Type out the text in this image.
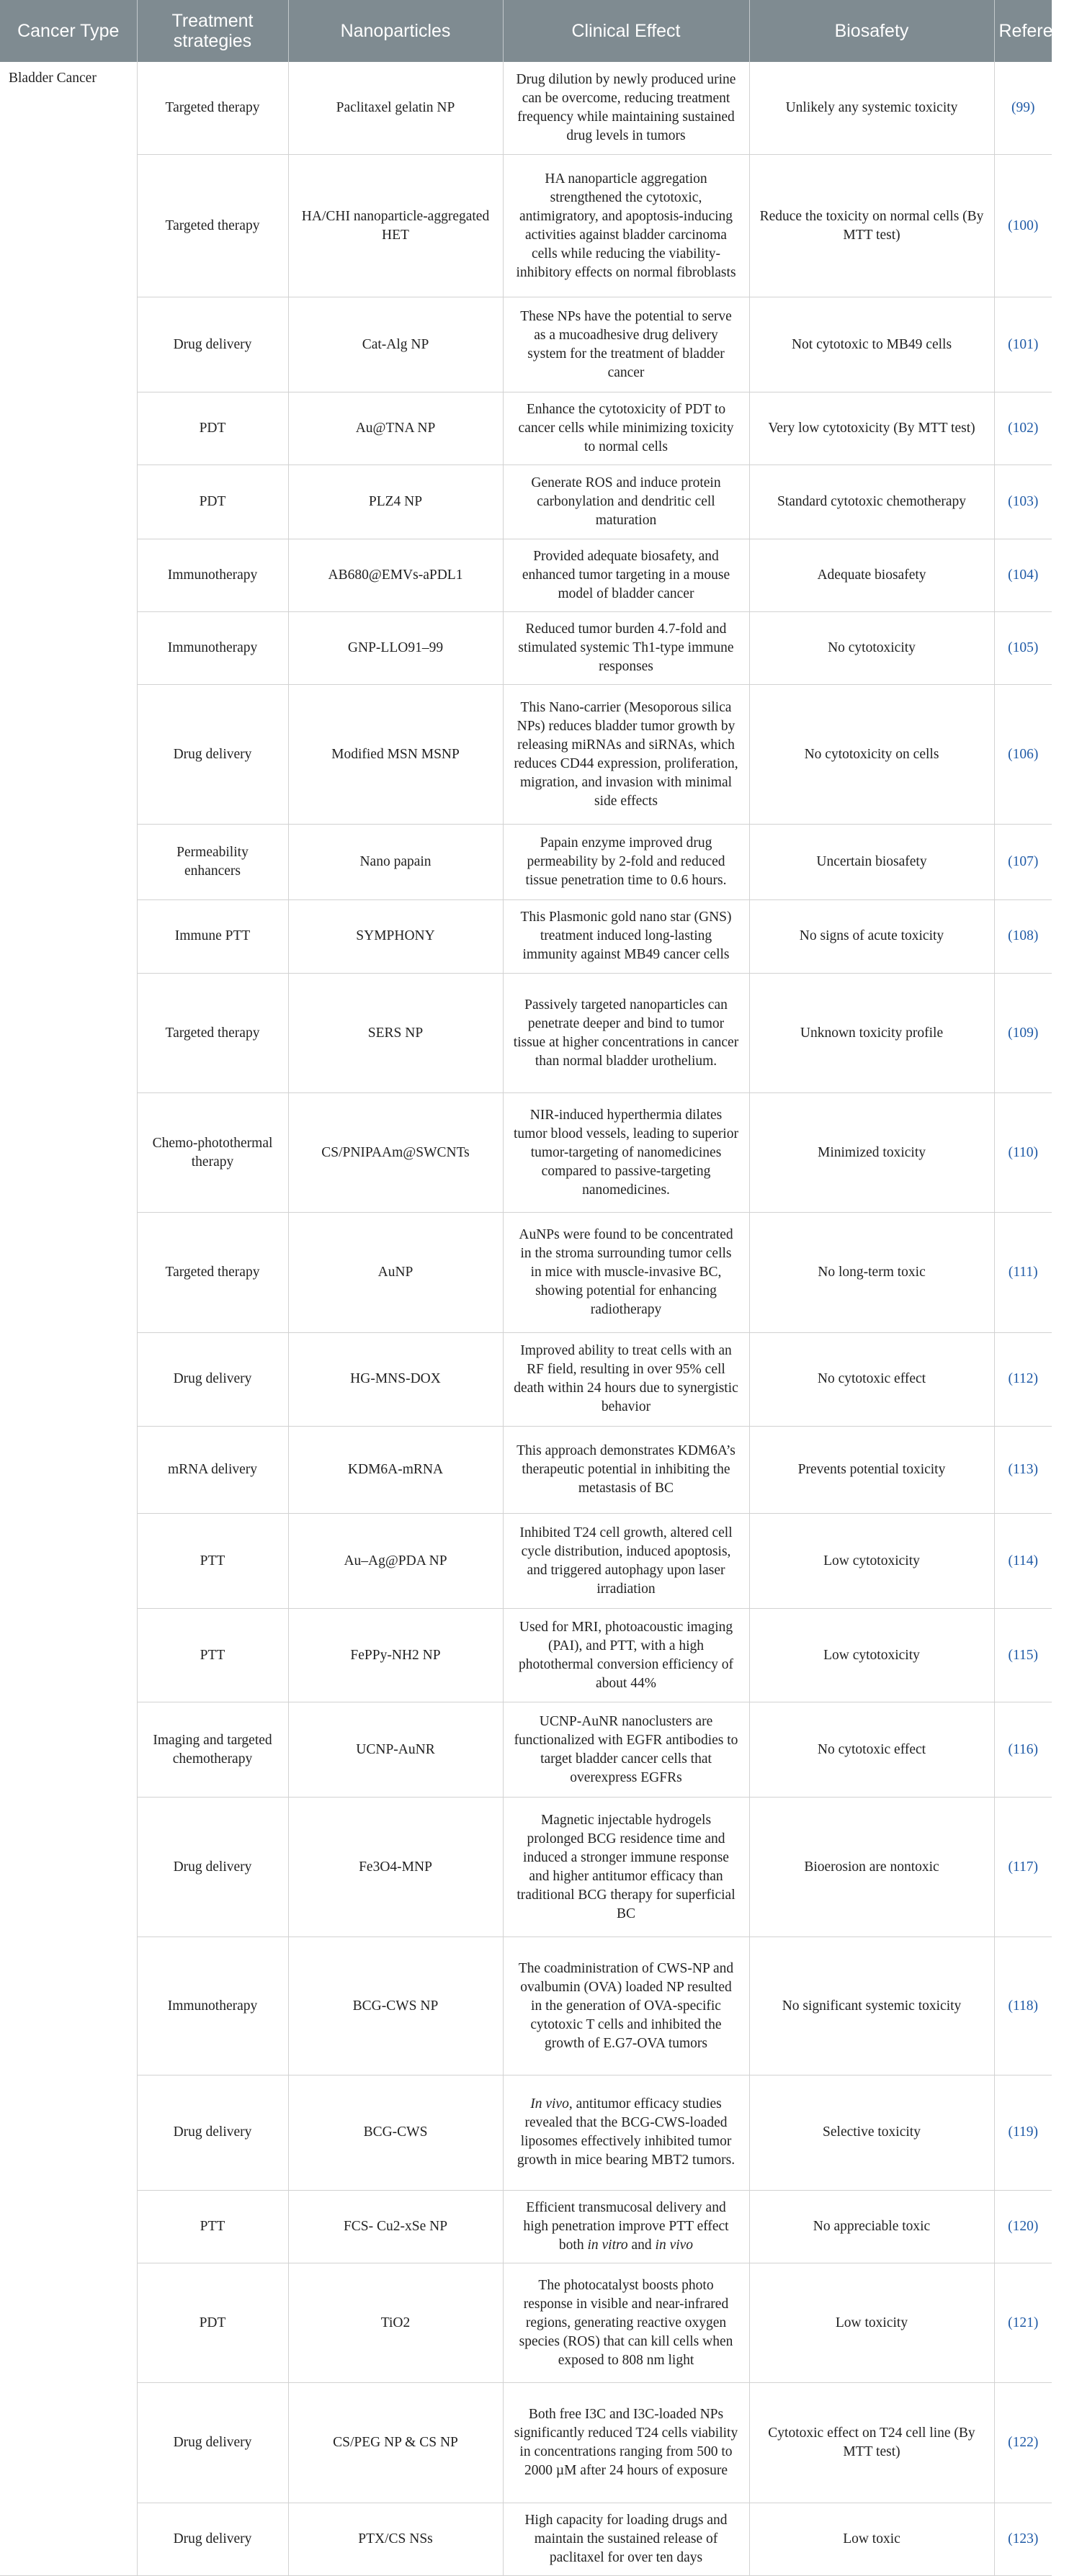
Cancer Type	Treatment strategies	Nanoparticles	Clinical Effect	Biosafety	Reference
Bladder Cancer	Targeted therapy	Paclitaxel gelatin NP	Drug dilution by newly produced urine can be overcome, reducing treatment frequency while maintaining sustained drug levels in tumors	Unlikely any systemic toxicity	(99)
	Targeted therapy	HA/CHI nanoparticle-aggregated HET	HA nanoparticle aggregation strengthened the cytotoxic, antimigratory, and apoptosis-inducing activities against bladder carcinoma cells while reducing the viability-inhibitory effects on normal fibroblasts	Reduce the toxicity on normal cells (By MTT test)	(100)
	Drug delivery	Cat-Alg NP	These NPs have the potential to serve as a mucoadhesive drug delivery system for the treatment of bladder cancer	Not cytotoxic to MB49 cells	(101)
	PDT	Au@TNA NP	Enhance the cytotoxicity of PDT to cancer cells while minimizing toxicity to normal cells	Very low cytotoxicity (By MTT test)	(102)
	PDT	PLZ4 NP	Generate ROS and induce protein carbonylation and dendritic cell maturation	Standard cytotoxic chemotherapy	(103)
	Immunotherapy	AB680@EMVs-aPDL1	Provided adequate biosafety, and enhanced tumor targeting in a mouse model of bladder cancer	Adequate biosafety	(104)
	Immunotherapy	GNP-LLO91–99	Reduced tumor burden 4.7-fold and stimulated systemic Th1-type immune responses	No cytotoxicity	(105)
	Drug delivery	Modified MSN MSNP	This Nano-carrier (Mesoporous silica NPs) reduces bladder tumor growth by releasing miRNAs and siRNAs, which reduces CD44 expression, proliferation, migration, and invasion with minimal side effects	No cytotoxicity on cells	(106)
	Permeability enhancers	Nano papain	Papain enzyme improved drug permeability by 2-fold and reduced tissue penetration time to 0.6 hours.	Uncertain biosafety	(107)
	Immune PTT	SYMPHONY	This Plasmonic gold nano star (GNS) treatment induced long-lasting immunity against MB49 cancer cells	No signs of acute toxicity	(108)
	Targeted therapy	SERS NP	Passively targeted nanoparticles can penetrate deeper and bind to tumor tissue at higher concentrations in cancer than normal bladder urothelium.	Unknown toxicity profile	(109)
	Chemo-photothermal therapy	CS/PNIPAAm@SWCNTs	NIR-induced hyperthermia dilates tumor blood vessels, leading to superior tumor-targeting of nanomedicines compared to passive-targeting nanomedicines.	Minimized toxicity	(110)
	Targeted therapy	AuNP	AuNPs were found to be concentrated in the stroma surrounding tumor cells in mice with muscle-invasive BC, showing potential for enhancing radiotherapy	No long-term toxic	(111)
	Drug delivery	HG-MNS-DOX	Improved ability to treat cells with an RF field, resulting in over 95% cell death within 24 hours due to synergistic behavior	No cytotoxic effect	(112)
	mRNA delivery	KDM6A-mRNA	This approach demonstrates KDM6A’s therapeutic potential in inhibiting the metastasis of BC	Prevents potential toxicity	(113)
	PTT	Au–Ag@PDA NP	Inhibited T24 cell growth, altered cell cycle distribution, induced apoptosis, and triggered autophagy upon laser irradiation	Low cytotoxicity	(114)
	PTT	FePPy-NH2 NP	Used for MRI, photoacoustic imaging (PAI), and PTT, with a high photothermal conversion efficiency of about 44%	Low cytotoxicity	(115)
	Imaging and targeted chemotherapy	UCNP-AuNR	UCNP-AuNR nanoclusters are functionalized with EGFR antibodies to target bladder cancer cells that overexpress EGFRs	No cytotoxic effect	(116)
	Drug delivery	Fe3O4-MNP	Magnetic injectable hydrogels prolonged BCG residence time and induced a stronger immune response and higher antitumor efficacy than traditional BCG therapy for superficial BC	Bioerosion are nontoxic	(117)
	Immunotherapy	BCG-CWS NP	The coadministration of CWS-NP and ovalbumin (OVA) loaded NP resulted in the generation of OVA-specific cytotoxic T cells and inhibited the growth of E.G7-OVA tumors	No significant systemic toxicity	(118)
	Drug delivery	BCG-CWS	In vivo, antitumor efficacy studies revealed that the BCG-CWS-loaded liposomes effectively inhibited tumor growth in mice bearing MBT2 tumors.	Selective toxicity	(119)
	PTT	FCS- Cu2-xSe NP	Efficient transmucosal delivery and high penetration improve PTT effect both in vitro and in vivo	No appreciable toxic	(120)
	PDT	TiO2	The photocatalyst boosts photo response in visible and near-infrared regions, generating reactive oxygen species (ROS) that can kill cells when exposed to 808 nm light	Low toxicity	(121)
	Drug delivery	CS/PEG NP & CS NP	Both free I3C and I3C-loaded NPs significantly reduced T24 cells viability in concentrations ranging from 500 to 2000 µM after 24 hours of exposure	Cytotoxic effect on T24 cell line (By MTT test)	(122)
	Drug delivery	PTX/CS NSs	High capacity for loading drugs and maintain the sustained release of paclitaxel for over ten days	Low toxic	(123)
